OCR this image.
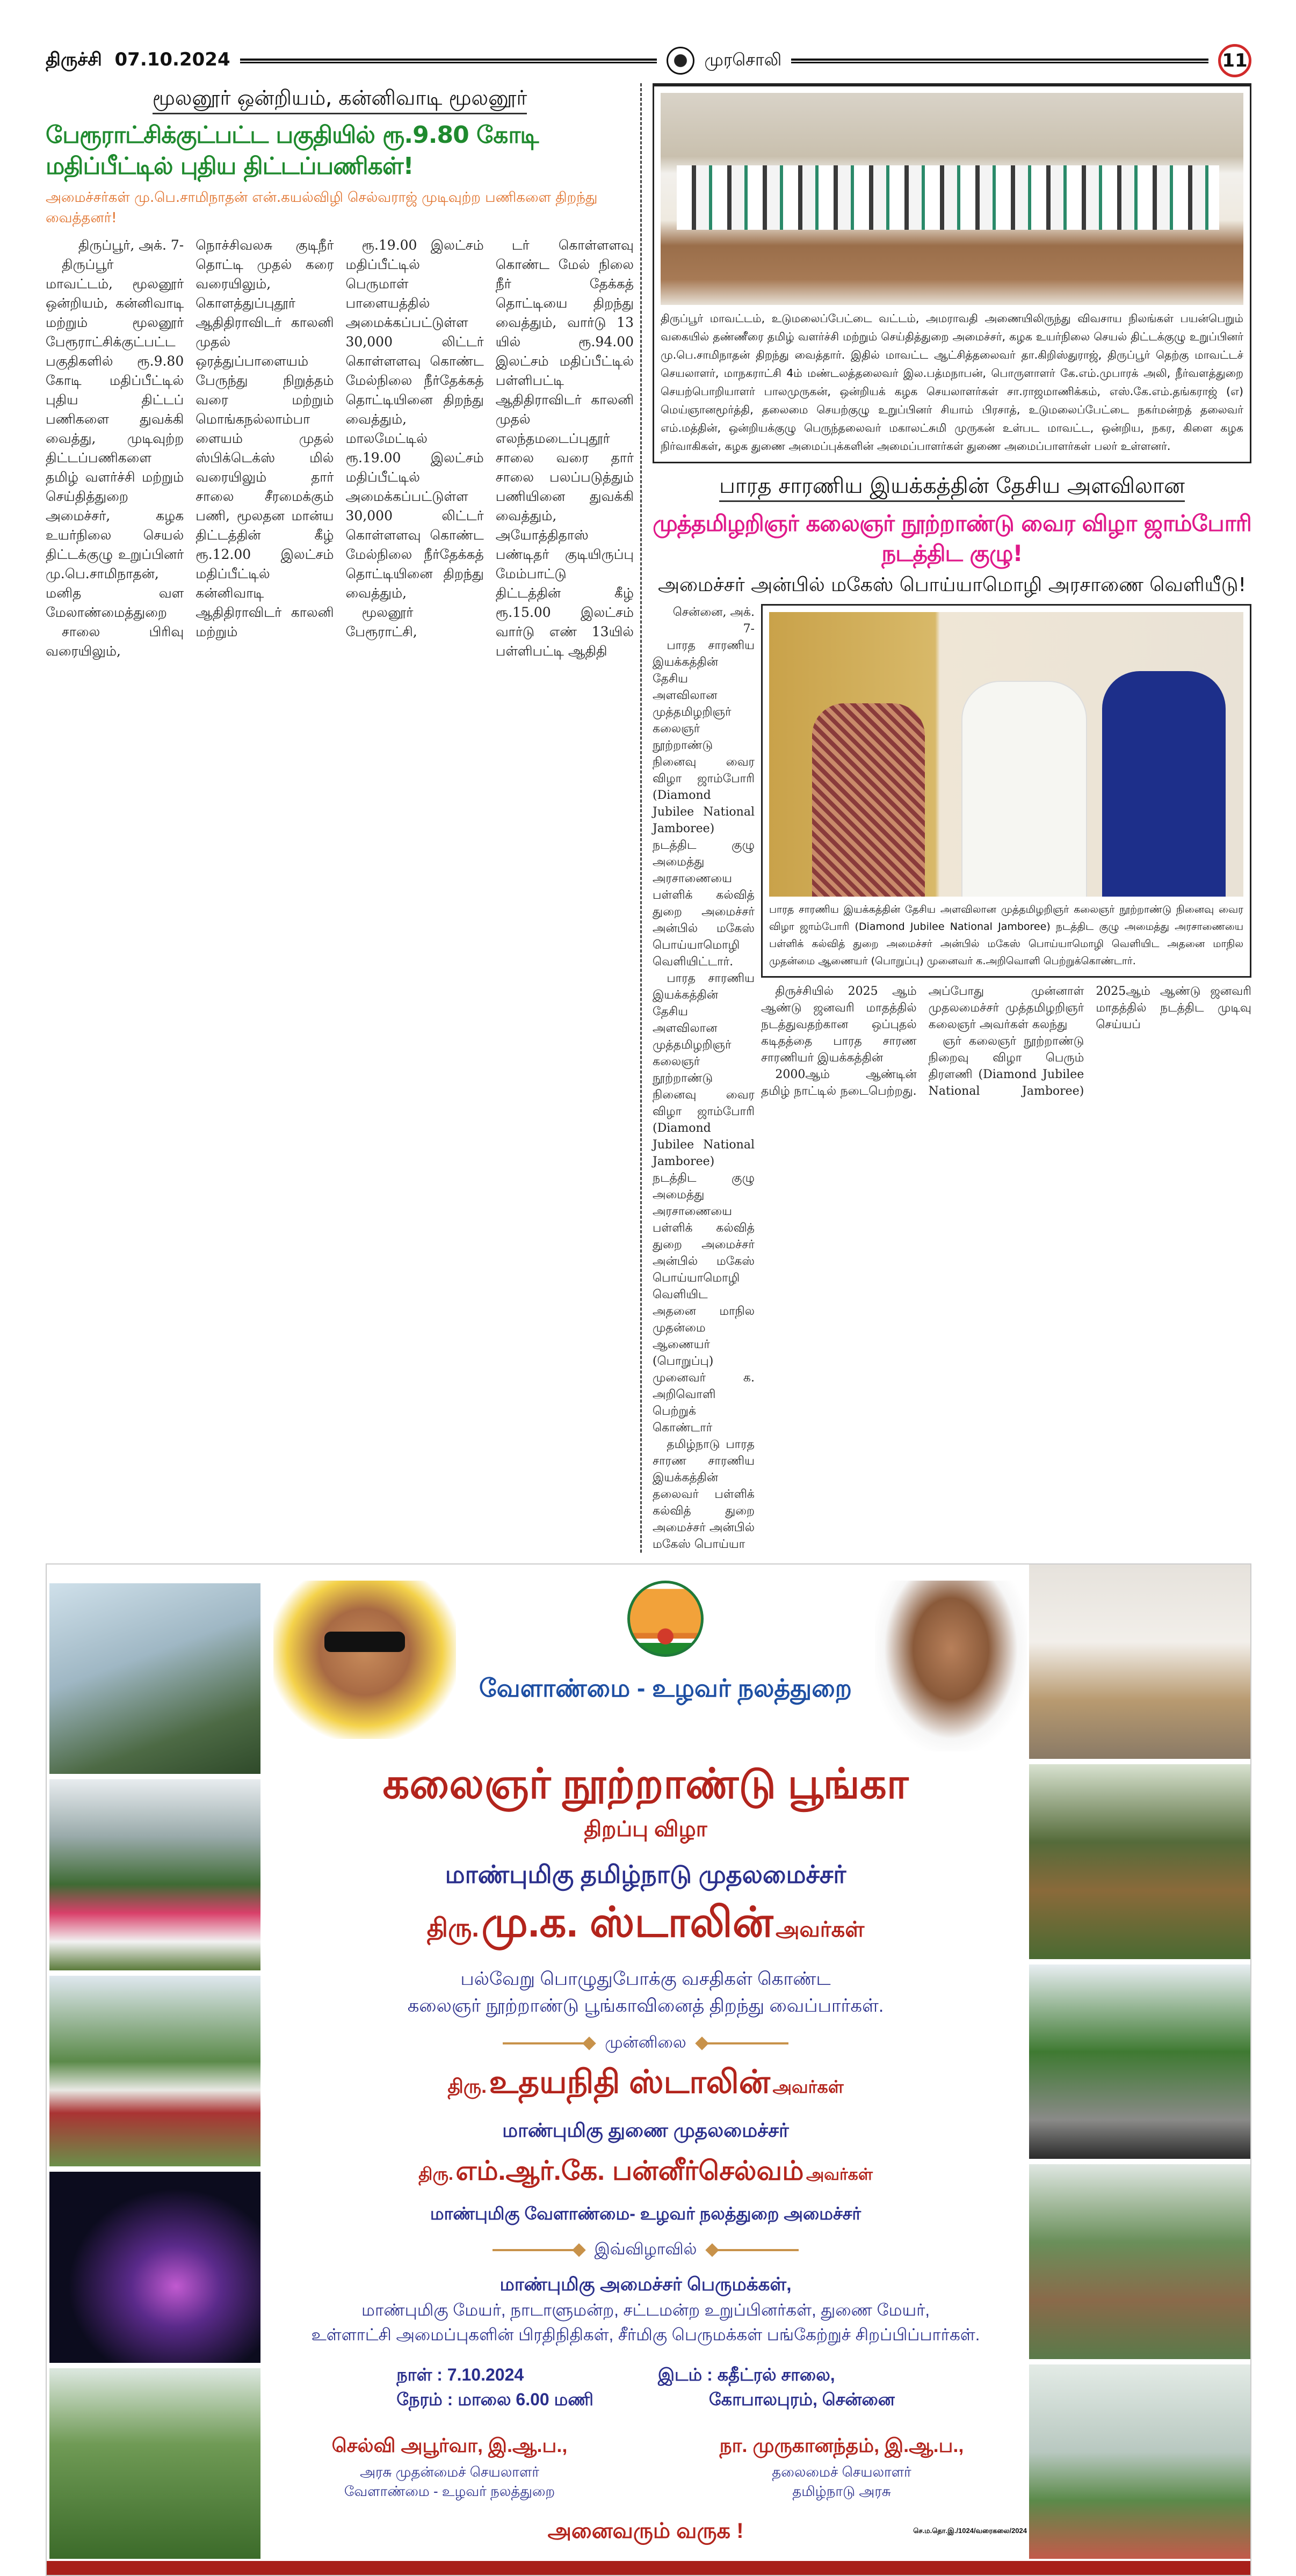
திருச்சி 07.10.2024	முரசொலி	11
மூலனூர் ஒன்றியம், கன்னிவாடி மூலனூர்
பேரூராட்சிக்குட்பட்ட பகுதியில் ரூ.9.80 கோடி மதிப்பீட்டில் புதிய திட்டப்பணிகள்!
அமைச்சர்கள் மு.பெ.சாமிநாதன் என்.கயல்விழி செல்வராஜ் முடிவுற்ற பணிகளை திறந்து வைத்தனர்!

திருப்பூர், அக். 7-

திருப்பூர் மாவட்டம், மூலனூர் ஒன்றியம், கன்னிவாடி மற்றும் மூலனூர் பேரூராட்சிக்குட்பட்ட பகுதிகளில் ரூ.9.80 கோடி மதிப்பீட்டில் புதிய திட்டப் பணிகளை துவக்கி வைத்து, முடிவுற்ற திட்டப்பணிகளை தமிழ் வளர்ச்சி மற்றும் செய்தித்துறை அமைச்சர், கழக உயர்நிலை செயல் திட்டக்குழு உறுப்பினர் மு.பெ.சாமிநாதன், மனித வள மேலாண்மைத்துறை

சாலை பிரிவு வரையிலும், நொச்சிவலசு குடிநீர் தொட்டி முதல் கரை வரையிலும், கொளத்துப்புதூர் ஆதிதிராவிடர் காலனி முதல் ஒரத்துப்பாளையம் பேருந்து நிறுத்தம் வரை மற்றும் மொங்கநல்லாம்பாளையம் முதல் ஸ்பிக்டெக்ஸ் மில் வரையிலும் தார் சாலை சீரமைக்கும் பணி, மூலதன மான்ய திட்டத்தின் கீழ் ரூ.12.00 இலட்சம் மதிப்பீட்டில் கன்னிவாடி ஆதிதிராவிடர் காலனி மற்றும்

ரூ.19.00 இலட்சம் மதிப்பீட்டில் பெருமாள் பாளையத்தில் அமைக்கப்பட்டுள்ள 30,000 லிட்டர் கொள்ளளவு கொண்ட மேல்நிலை நீர்தேக்கத் தொட்டியினை திறந்து வைத்தும், மாலமேட்டில் ரூ.19.00 இலட்சம் மதிப்பீட்டில் அமைக்கப்பட்டுள்ள 30,000 லிட்டர் கொள்ளளவு கொண்ட மேல்நிலை நீர்தேக்கத் தொட்டியினை திறந்து வைத்தும்,

மூலனூர் பேரூராட்சி,

டர் கொள்ளளவு கொண்ட மேல் நிலை நீர் தேக்கத் தொட்டியை திறந்து வைத்தும், வார்டு 13 யில் ரூ.94.00 இலட்சம் மதிப்பீட்டில் பள்ளிபட்டி ஆதிதிராவிடர் காலனி முதல் எலந்தமடைப்புதூர் சாலை வரை தார் சாலை பலப்படுத்தும் பணியினை துவக்கி வைத்தும், அயோத்திதாஸ் பண்டிதர் குடியிருப்பு மேம்பாட்டு திட்டத்தின் கீழ் ரூ.15.00 இலட்சம் வார்டு எண் 13யில் பள்ளிபட்டி ஆதிதி

திருப்பூர் மாவட்டம், உடுமலைப்பேட்டை வட்டம், அமராவதி அணையிலிருந்து விவசாய நிலங்கள் பயன்பெறும் வகையில் தண்ணீரை தமிழ் வளர்ச்சி மற்றும் செய்தித்துறை அமைச்சர், கழக உயர்நிலை செயல் திட்டக்குழு உறுப்பினர் மு.பெ.சாமிநாதன் திறந்து வைத்தார். இதில் மாவட்ட ஆட்சித்தலைவர் தா.கிறிஸ்துராஜ், திருப்பூர் தெற்கு மாவட்டச் செயலாளர், மாநகராட்சி 4ம் மண்டலத்தலைவர் இல.பத்மநாபன், பொருளாளர் கே.எம்.முபாரக் அலி, நீர்வளத்துறை செயற்பொறியாளர் பாலமுருகன், ஒன்றியக் கழக செயலாளர்கள் சா.ராஜமாணிக்கம், எஸ்.கே.எம்.தங்கராஜ் (எ) மெய்ஞானமூர்த்தி, தலைமை செயற்குழு உறுப்பினர் சியாம் பிரசாத், உடுமலைப்பேட்டை நகர்மன்றத் தலைவர் எம்.மத்தின், ஒன்றியக்குழு பெருந்தலைவர் மகாலட்சுமி முருகன் உள்பட மாவட்ட, ஒன்றிய, நகர, கிளை கழக நிர்வாகிகள், கழக துணை அமைப்புக்களின் அமைப்பாளர்கள் துணை அமைப்பாளர்கள் பலர் உள்ளனர்.
பாரத சாரணிய இயக்கத்தின் தேசிய அளவிலான
முத்தமிழறிஞர் கலைஞர் நூற்றாண்டு வைர விழா ஜாம்போரி நடத்திட குழு!
அமைச்சர் அன்பில் மகேஸ் பொய்யாமொழி அரசாணை வெளியீடு!

சென்னை, அக். 7-

பாரத சாரணிய இயக்கத்தின் தேசிய அளவிலான முத்தமிழறிஞர் கலைஞர் நூற்றாண்டு நினைவு வைர விழா ஜாம்போரி (Diamond Jubilee National Jamboree) நடத்திட குழு அமைத்து அரசாணையை பள்ளிக் கல்வித் துறை அமைச்சர் அன்பில் மகேஸ் பொய்யாமொழி வெளியிட்டார்.

பாரத சாரணிய இயக்கத்தின் தேசிய அளவிலான முத்தமிழறிஞர் கலைஞர் நூற்றாண்டு நினைவு வைர விழா ஜாம்போரி (Diamond Jubilee National Jamboree) நடத்திட குழு அமைத்து அரசாணையை பள்ளிக் கல்வித் துறை அமைச்சர் அன்பில் மகேஸ் பொய்யாமொழி வெளியிட அதனை மாநில முதன்மை ஆணையர் (பொறுப்பு) முனைவர் க. அறிவொளி பெற்றுக் கொண்டார்

தமிழ்நாடு பாரத சாரண சாரணிய இயக்கத்தின் தலைவர் பள்ளிக் கல்வித் துறை அமைச்சர் அன்பில் மகேஸ் பொய்யா

பாரத சாரணிய இயக்கத்தின் தேசிய அளவிலான முத்தமிழறிஞர் கலைஞர் நூற்றாண்டு நினைவு வைர விழா ஜாம்போரி (Diamond Jubilee National Jamboree) நடத்திட குழு அமைத்து அரசாணையை பள்ளிக் கல்வித் துறை அமைச்சர் அன்பில் மகேஸ் பொய்யாமொழி வெளியிட அதனை மாநில முதன்மை ஆணையர் (பொறுப்பு) முனைவர் க.அறிவொளி பெற்றுக்கொண்டார்.

திருச்சியில் 2025 ஆம் ஆண்டு ஜனவரி மாதத்தில் நடத்துவதற்கான ஒப்புதல் கடிதத்தை பாரத சாரண சாரணியர் இயக்கத்தின்

2000ஆம் ஆண்டின் தமிழ் நாட்டில் நடைபெற்றது. அப்போது முன்னாள் முதலமைச்சர் முத்தமிழறிஞர் கலைஞர் அவர்கள் கலந்து

ஞர் கலைஞர் நூற்றாண்டு நிறைவு விழா பெரும் திரளணி (Diamond Jubilee National Jamboree) 2025ஆம் ஆண்டு ஜனவரி மாதத்தில் நடத்திட முடிவு செய்யப்

வேளாண்மை - உழவர் நலத்துறை
கலைஞர் நூற்றாண்டு பூங்கா
திறப்பு விழா
மாண்புமிகு தமிழ்நாடு முதலமைச்சர்
திரு. மு.க. ஸ்டாலின் அவர்கள்
பல்வேறு பொழுதுபோக்கு வசதிகள் கொண்ட
கலைஞர் நூற்றாண்டு பூங்காவினைத் திறந்து வைப்பார்கள்.
முன்னிலை
திரு. உதயநிதி ஸ்டாலின் அவர்கள்
மாண்புமிகு துணை முதலமைச்சர்
திரு. எம்.ஆர்.கே. பன்னீர்செல்வம் அவர்கள்
மாண்புமிகு வேளாண்மை- உழவர் நலத்துறை அமைச்சர்
இவ்விழாவில்
மாண்புமிகு அமைச்சர் பெருமக்கள்,
மாண்புமிகு மேயர், நாடாளுமன்ற, சட்டமன்ற உறுப்பினர்கள், துணை மேயர்,
உள்ளாட்சி அமைப்புகளின் பிரதிநிதிகள், சீர்மிகு பெருமக்கள் பங்கேற்றுச் சிறப்பிப்பார்கள்.
நாள் : 7.10.2024
நேரம் : மாலை 6.00 மணி
இடம் : கதீட்ரல் சாலை,
கோபாலபுரம், சென்னை
செல்வி அபூர்வா, இ.ஆ.ப.,
அரசு முதன்மைச் செயலாளர்
வேளாண்மை - உழவர் நலத்துறை
நா. முருகானந்தம், இ.ஆ.ப.,
தலைமைச் செயலாளர்
தமிழ்நாடு அரசு
அனைவரும் வருக !	செ.ம.தொ.இ./1024/வரைகலை/2024
